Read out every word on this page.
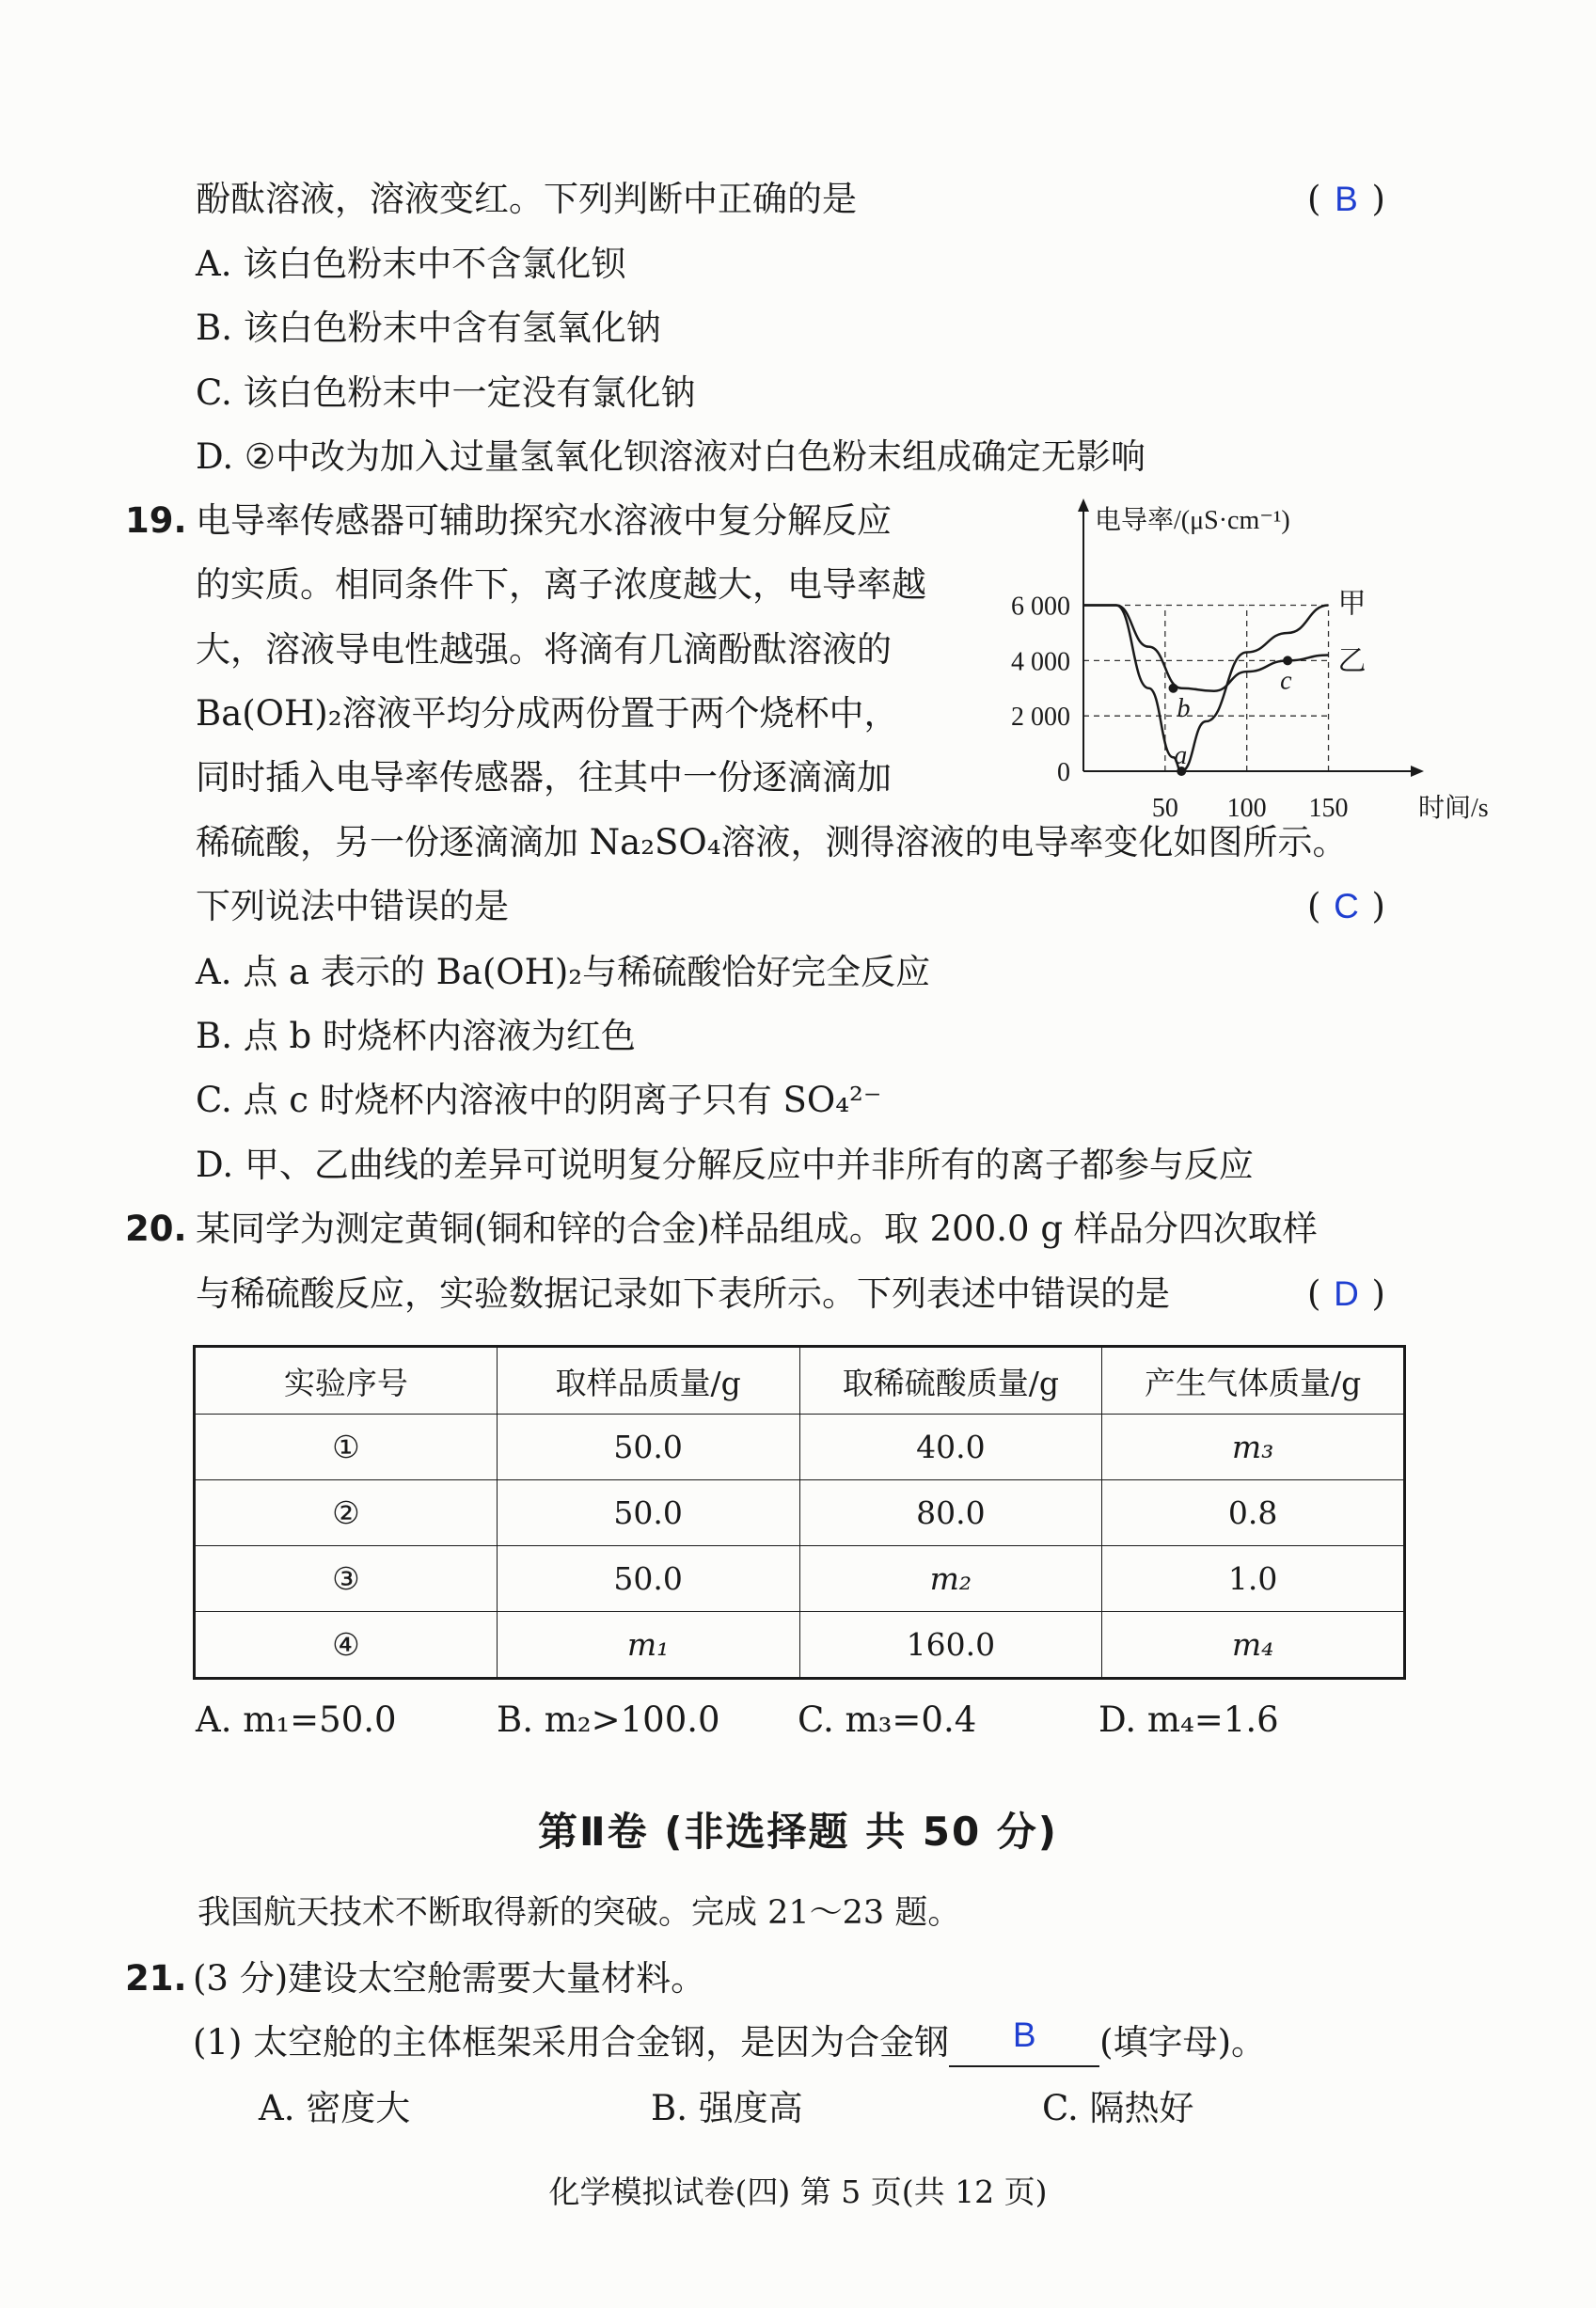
酚酞溶液，溶液变红。下列判断中正确的是	( B )
A. 该白色粉末中不含氯化钡
B. 该白色粉末中含有氢氧化钠
C. 该白色粉末中一定没有氯化钠
D. ②中改为加入过量氢氧化钡溶液对白色粉末组成确定无影响
19. 电导率传感器可辅助探究水溶液中复分解反应
的实质。相同条件下，离子浓度越大，电导率越
大，溶液导电性越强。将滴有几滴酚酞溶液的
Ba(OH)₂溶液平均分成两份置于两个烧杯中，
同时插入电导率传感器，往其中一份逐滴滴加
稀硫酸，另一份逐滴滴加 Na₂SO₄溶液，测得溶液的电导率变化如图所示。
下列说法中错误的是	( C )
A. 点 a 表示的 Ba(OH)₂与稀硫酸恰好完全反应
B. 点 b 时烧杯内溶液为红色
C. 点 c 时烧杯内溶液中的阴离子只有 SO₄²⁻
D. 甲、乙曲线的差异可说明复分解反应中并非所有的离子都参与反应
电导率/(μS·cm⁻¹)
时间/s
0
2 000
4 000
6 000
50 100 150
甲
乙
a
b
c
20. 某同学为测定黄铜(铜和锌的合金)样品组成。取 200.0 g 样品分四次取样
与稀硫酸反应，实验数据记录如下表所示。下列表述中错误的是	( D )
实验序号	取样品质量/g	取稀硫酸质量/g	产生气体质量/g
①	50.0	40.0	m₃
②	50.0	80.0	0.8
③	50.0	m₂	1.0
④	m₁	160.0	m₄
A. m₁=50.0	B. m₂>100.0 C. m₃=0.4	D. m₄=1.6
第Ⅱ卷 (非选择题 共 50 分)
我国航天技术不断取得新的突破。完成 21～23 题。
21. (3 分)建设太空舱需要大量材料。
(1) 太空舱的主体框架采用合金钢，是因为合金钢 B (填字母)。
A. 密度大	B. 强度高	C. 隔热好
化学模拟试卷(四) 第 5 页(共 12 页)
